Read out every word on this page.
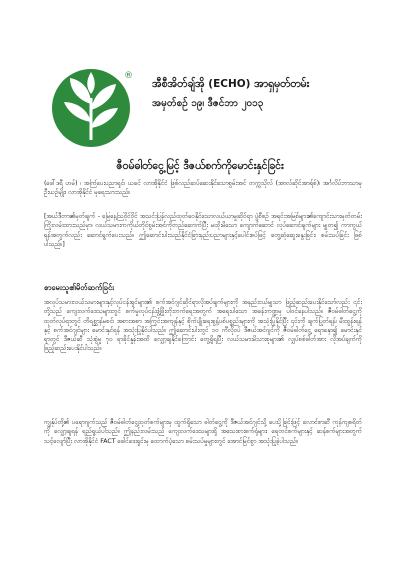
®
အီစီအိတ်ချ်အို (ECHO) အာရှမှတ်တမ်း
အမှတ်စဉ် ၁၉၊ ဒီဇင်ဘာ ၂၀၁၃
ဇီဝမ်ဓါတ်ငွေ့မြင့် ဒီဇယ်စက်ကိုမောင်းနှင်ခြင်း
(ဖေါ်ဒရီ ဟမ်) ၊ အကြံပေးပညာရှင်၊ ယခင် လာအိုနိုင်ငံ ဖြစ်လည်ဆပ်ဆေးနိုင်သောစွမ်းအင် တက္ကသိုလ် (အာလ်ဆိုင်အာရ်စ်)၊ အင်္ဂလိပ်ဘာသာမှ ဦးယဉ်မျိုး၊ လာအိုနိုင်ငံ မှရေးသားသည်။
[အယ်ဒီတာ၏မှတ်ချက် - မြေနေ့ဩဝိုင်ဝိုင် အသင်းပြန်လည်ထုတ်ဝေနိုင်သောလယ်ယာမှုဆိုင်ရာ ပွဲစီစဉ် အရင်းအမြစ်များ၏ကျောင်းသားမှတ်တမ်းကြိုးလမ်းထားသည်မှာ၊ လယ်သမားကကိုယ်တိုင်စွမ်းအင်ကိုတည်ဆောက်ပြီး မထိုးမိသော ကျောက်ဆောင် လုပ်ဆောင်ချက်များ မျှတ၍ ကာကွယ်ရန်အတွက်လည်း ဆောင်ရွက်ပေးသည်။ ဤဆောင်းပါးသည်နိုင်ငံခြားနည်းပညာများနှင့်ပေါင်းစပ်ဖြင့် တွေ့ဆုံဆွေးနွေးခြင်း၊ စမ်းသပ်ခြင်း ဖြစ်ပါသည်။]
စာမေးသူ၏မိတ်ဆက်ခြင်း
အလုပ်သမားလယ်သမားများနှင့်လုပ်ငန်းရှင်များ၏ စက်အင်ဂျင်ဆိုင်ရာလိုအပ်ချက်များကို အနည်းငယ်မျှသာ ဖြည့်ဆည်းပေးနိုင်သော်လည်း ၎င်းတို့သည် ကျေးလက်ဒေသများတွင် စက်မှုလုပ်ငန်းဖွံ့ဖြိုးတိုးတက်ရေးအတွက် အရေးပါသော အခန်းကဏ္ဍမှ ပါဝင်နေပါသည်။ ဇီဝမ်ဓါတ်ငွေ့ကို ထုတ်လုပ်ရာတွင် တိရစ္ဆာန်မစင်၊ အစားအစာ အကြွင်းအကျန်နှင့် စိုက်ပျိုးရေးစွန့်ပစ်ပစ္စည်းများကို အသုံးပြုနိုင်ပြီး ၎င်းကို ချက်ပြုတ်ရန်၊ မီးထွန်းရန်နှင့် စက်အင်ဂျင်များ မောင်းနှင်ရန် အသုံးပြုနိုင်ပါသည်။ ဤဆောင်းပါးတွင် ၁၀ ကီလိုဝပ် ဒီဇယ်အင်ဂျင်ကို ဇီဝမ်ဓါတ်ငွေ့ ရောနှော၍ မောင်းနှင်ရာတွင် ဒီဇယ်ဆီ သုံးစွဲမှု ၇၀ ရာခိုင်နှုန်းအထိ လျှော့ချနိုင်ကြောင်း တွေ့ရှိရပြီး လယ်သမားမိသားစုများ၏ လျှပ်စစ်ဓါတ်အား လိုအပ်ချက်ကို ဖြည့်ဆည်းပေးနိုင်ပါသည်။
ကျွန်ုပ်တို့၏ ပရောဂျက်သည် ဇီဝမ်ဓါတ်ငွေ့ထုတ်စက်များမှ ထွက်ရှိသော ဓါတ်ငွေ့ကို ဒီဇယ်အင်ဂျင်သို့ ပေးပို့ခြင်းဖြင့် လောင်စာဆီ ကုန်ကျစရိတ်ကို လျှော့ချရန် ရည်ရွယ်ပါသည်။ ဤနည်းလမ်းသည် ကျေးလက်ဒေသများရှိ အသေးစားစက်ရုံများ၊ ရေတင်စက်များနှင့် ဆန်စက်များအတွက် သင့်လျော်ပြီး လာအိုနိုင်ငံ FACT ဖေါင်ဒေးရှင်းမှ ထောက်ပံ့သော စမ်းသပ်မှုများတွင် အောင်မြင်စွာ အသုံးပြုခဲ့ပါသည်။
